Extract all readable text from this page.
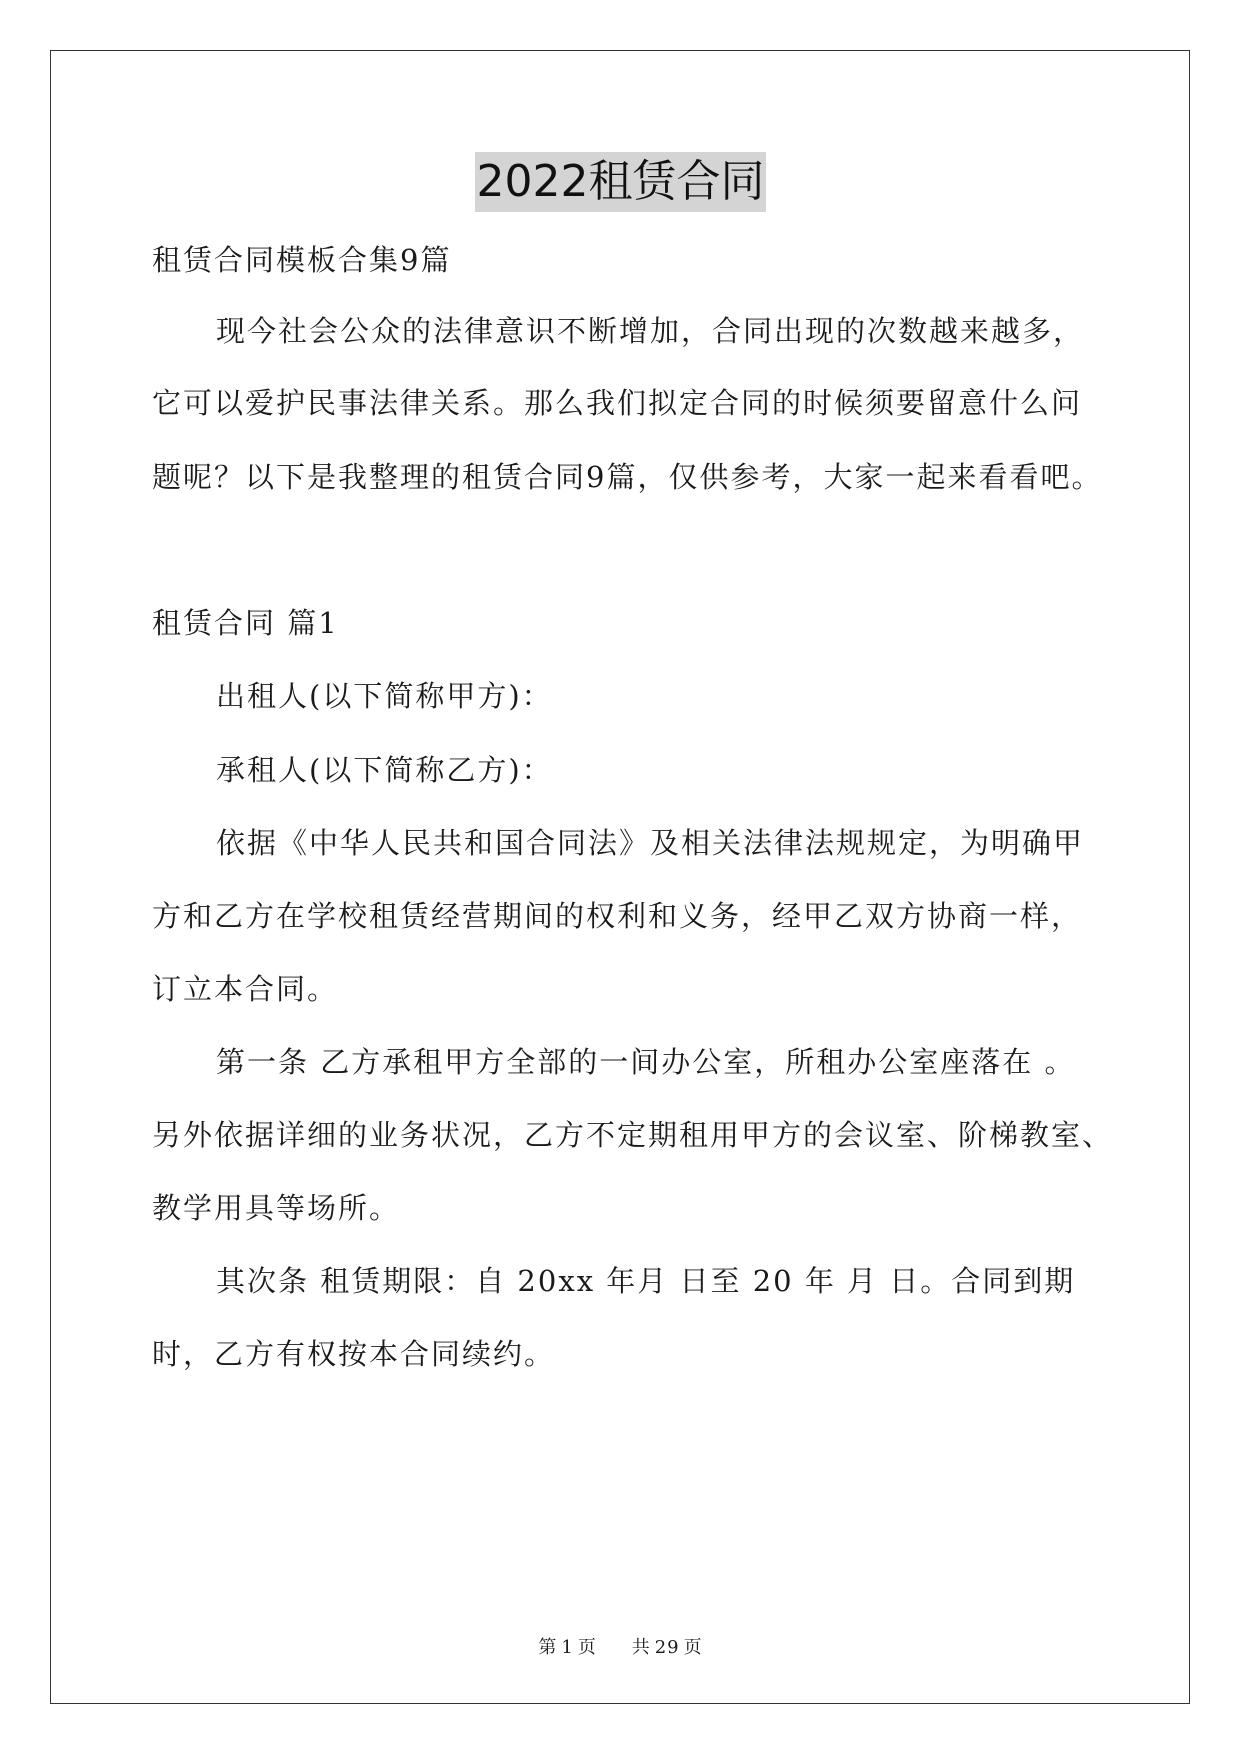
2022租赁合同
租赁合同模板合集9篇
现今社会公众的法律意识不断增加，合同出现的次数越来越多，
它可以爱护民事法律关系。那么我们拟定合同的时候须要留意什么问
题呢？以下是我整理的租赁合同9篇，仅供参考，大家一起来看看吧。
租赁合同 篇1
出租人(以下简称甲方)：
承租人(以下简称乙方)：
依据《中华人民共和国合同法》及相关法律法规规定，为明确甲
方和乙方在学校租赁经营期间的权利和义务，经甲乙双方协商一样，
订立本合同。
第一条 乙方承租甲方全部的一间办公室，所租办公室座落在 。
另外依据详细的业务状况，乙方不定期租用甲方的会议室、阶梯教室、
教学用具等场所。
其次条 租赁期限：自 20xx 年月 日至 20 年 月 日。合同到期
时，乙方有权按本合同续约。
第 1 页 共 29 页
